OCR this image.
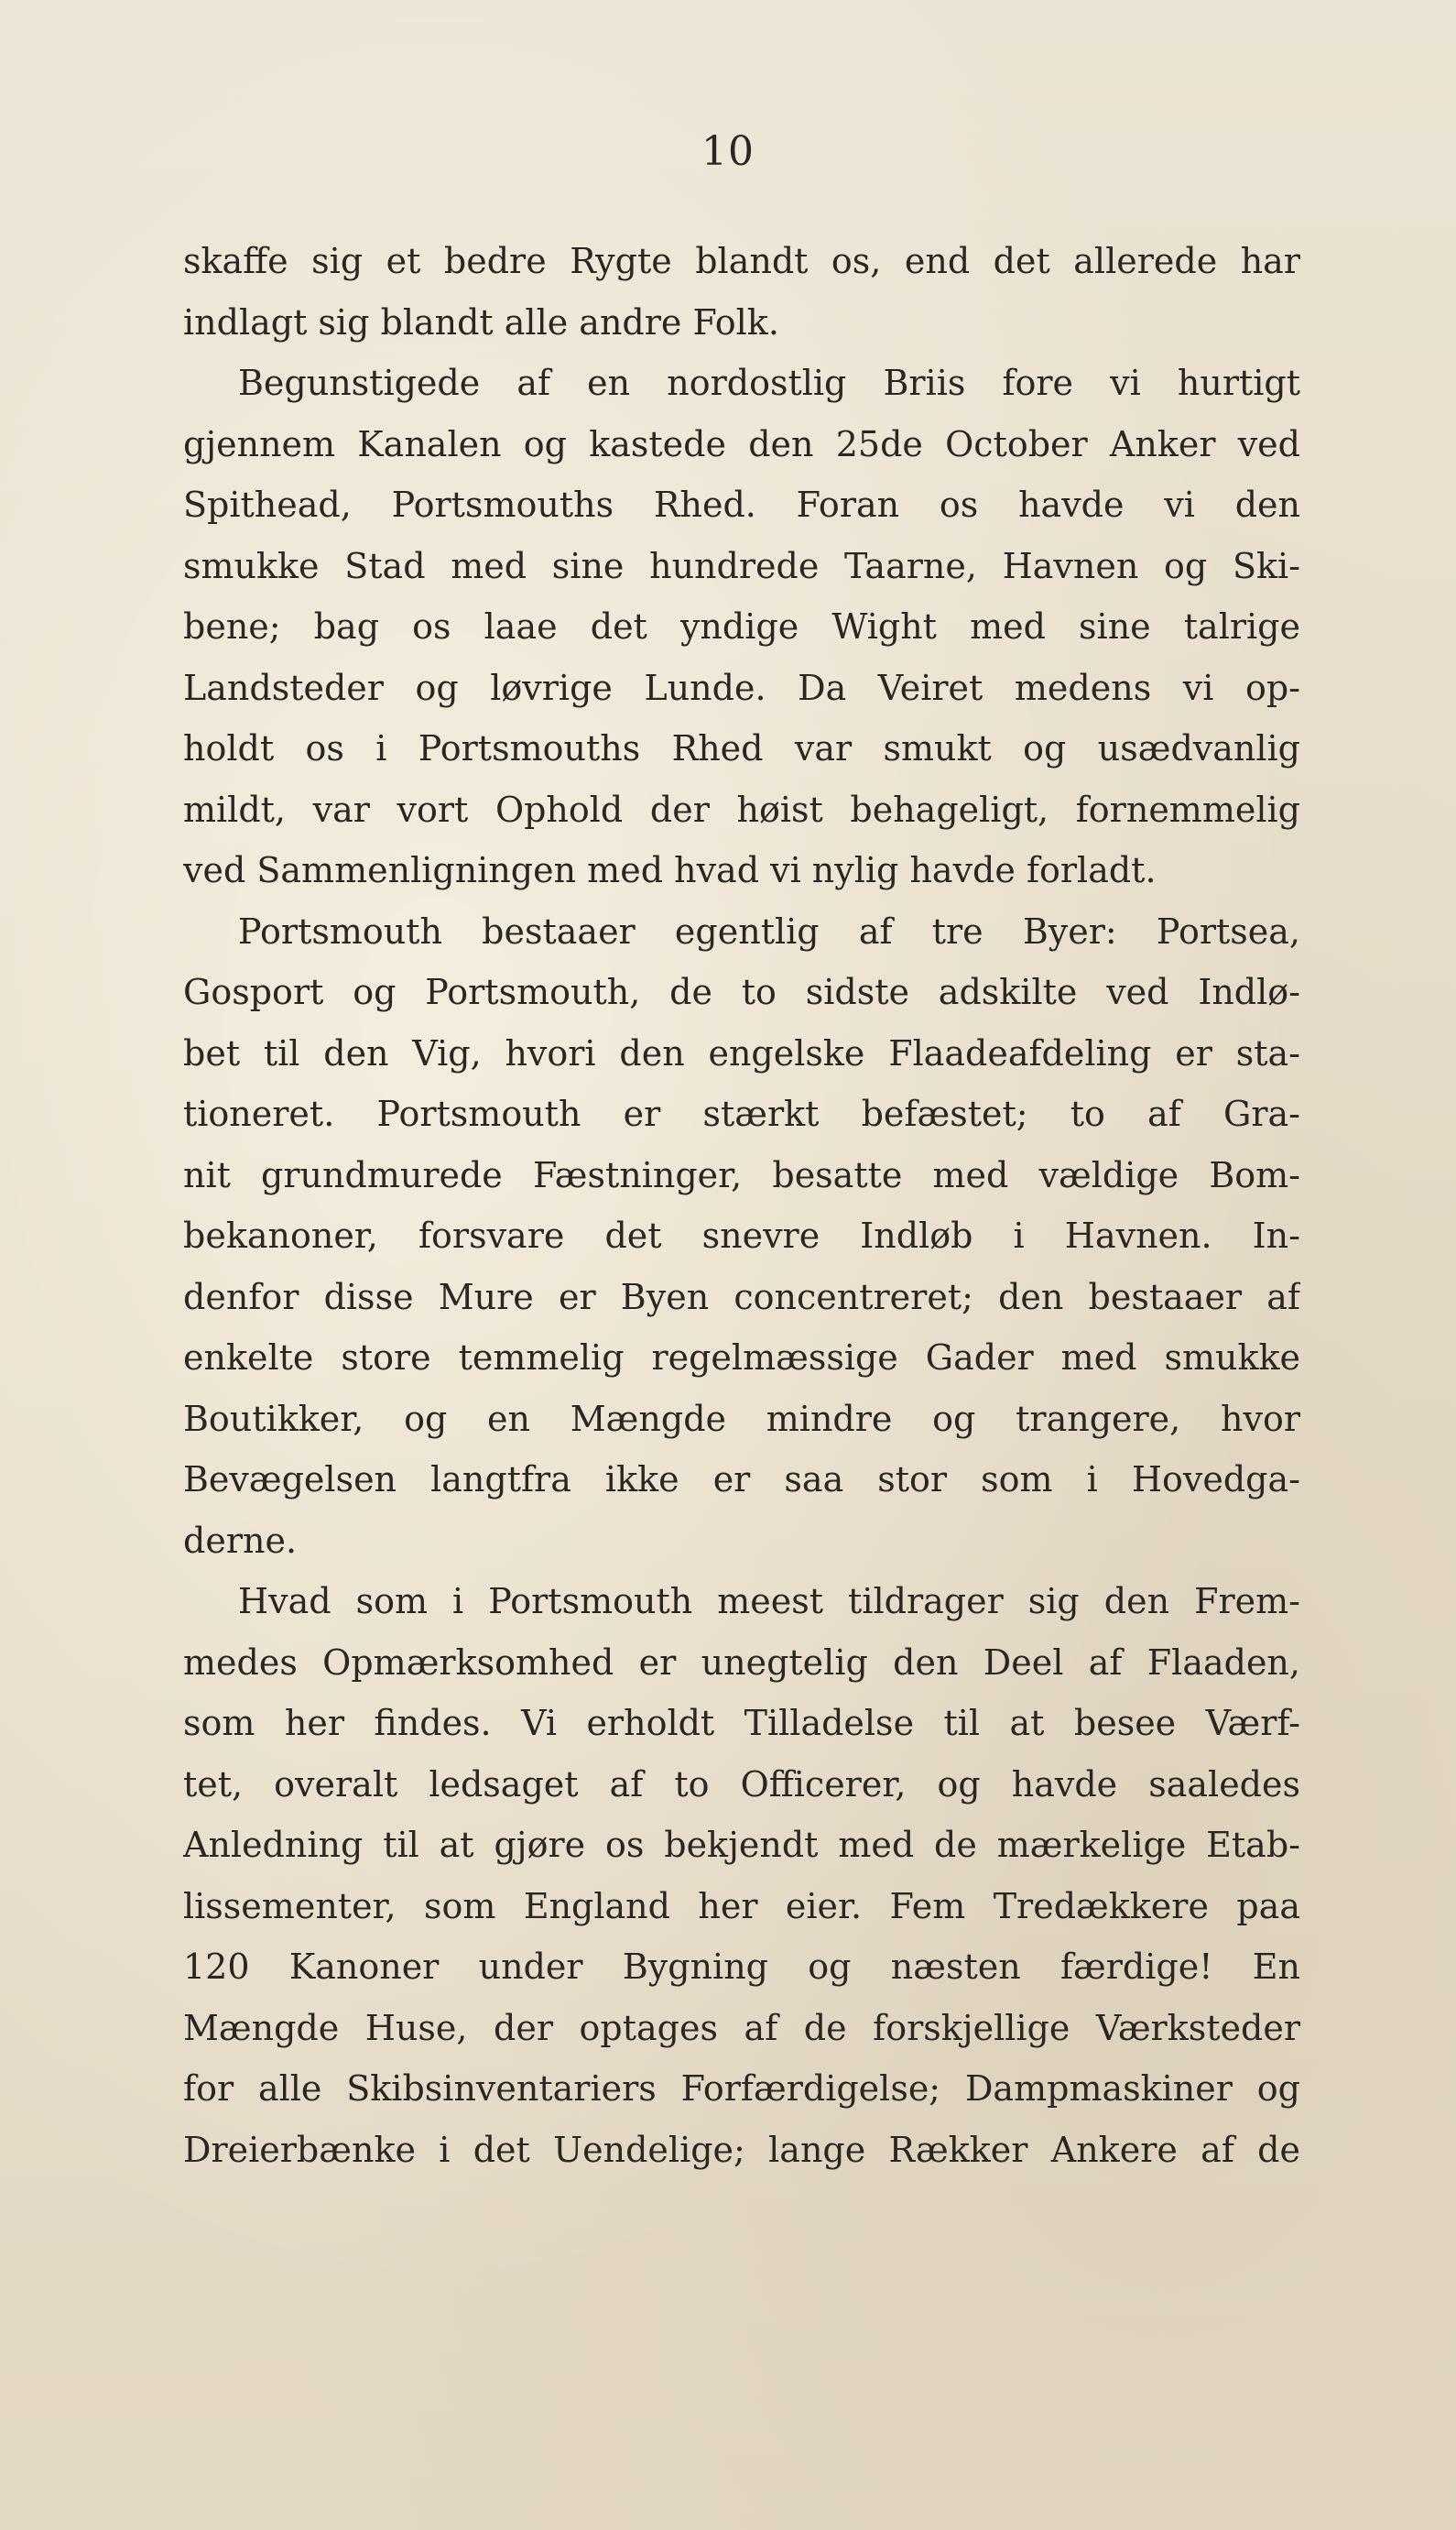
10
skaffe sig et bedre Rygte blandt os, end det allerede har
indlagt sig blandt alle andre Folk.
Begunstigede af en nordostlig Briis fore vi hurtigt
gjennem Kanalen og kastede den 25de October Anker ved
Spithead, Portsmouths Rhed. Foran os havde vi den
smukke Stad med sine hundrede Taarne, Havnen og Ski-
bene; bag os laae det yndige Wight med sine talrige
Landsteder og løvrige Lunde. Da Veiret medens vi op-
holdt os i Portsmouths Rhed var smukt og usædvanlig
mildt, var vort Ophold der høist behageligt, fornemmelig
ved Sammenligningen med hvad vi nylig havde forladt.
Portsmouth bestaaer egentlig af tre Byer: Portsea,
Gosport og Portsmouth, de to sidste adskilte ved Indlø-
bet til den Vig, hvori den engelske Flaadeafdeling er sta-
tioneret. Portsmouth er stærkt befæstet; to af Gra-
nit grundmurede Fæstninger, besatte med vældige Bom-
bekanoner, forsvare det snevre Indløb i Havnen. In-
denfor disse Mure er Byen concentreret; den bestaaer af
enkelte store temmelig regelmæssige Gader med smukke
Boutikker, og en Mængde mindre og trangere, hvor
Bevægelsen langtfra ikke er saa stor som i Hovedga-
derne.
Hvad som i Portsmouth meest tildrager sig den Frem-
medes Opmærksomhed er unegtelig den Deel af Flaaden,
som her findes. Vi erholdt Tilladelse til at besee Værf-
tet, overalt ledsaget af to Officerer, og havde saaledes
Anledning til at gjøre os bekjendt med de mærkelige Etab-
lissementer, som England her eier. Fem Tredækkere paa
120 Kanoner under Bygning og næsten færdige! En
Mængde Huse, der optages af de forskjellige Værksteder
for alle Skibsinventariers Forfærdigelse; Dampmaskiner og
Dreierbænke i det Uendelige; lange Rækker Ankere af de
